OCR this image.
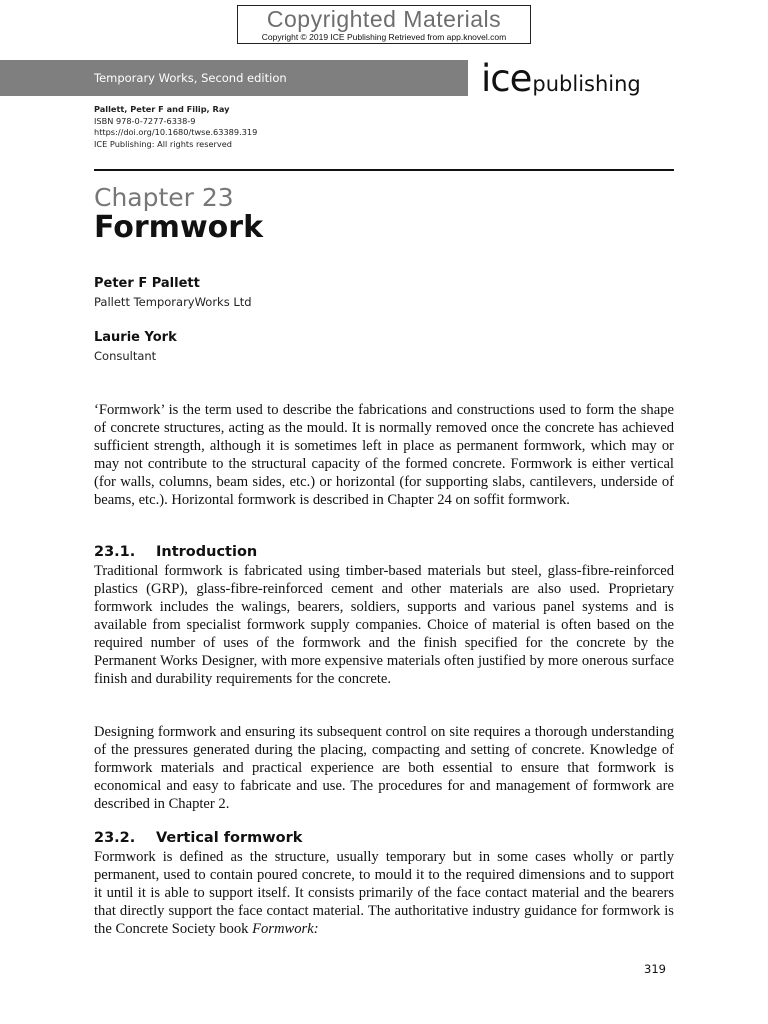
Copyrighted Materials
Copyright © 2019 ICE Publishing Retrieved from app.knovel.com
Temporary Works, Second edition	icepublishing
Pallett, Peter F and Filip, Ray
ISBN 978-0-7277-6338-9
https://doi.org/10.1680/twse.63389.319
ICE Publishing: All rights reserved
Chapter 23
Formwork
Peter F Pallett
Pallett TemporaryWorks Ltd
Laurie York
Consultant
‘Formwork’ is the term used to describe the fabrications and constructions used to form the shape of concrete structures, acting as the mould. It is normally removed once the concrete has achieved sufficient strength, although it is sometimes left in place as permanent formwork, which may or may not contribute to the structural capacity of the formed concrete. Formwork is either vertical (for walls, columns, beam sides, etc.) or horizontal (for supporting slabs, cantilevers, underside of beams, etc.). Horizontal formwork is described in Chapter 24 on soffit formwork.
23.1. Introduction
Traditional formwork is fabricated using timber-based materials but steel, glass-fibre-reinforced plastics (GRP), glass-fibre-reinforced cement and other materials are also used. Proprietary formwork includes the walings, bearers, soldiers, supports and various panel systems and is available from specialist formwork supply companies. Choice of material is often based on the required number of uses of the formwork and the finish specified for the concrete by the Permanent Works Designer, with more expensive materials often justified by more onerous surface finish and durability requirements for the concrete.
Designing formwork and ensuring its subsequent control on site requires a thorough understanding of the pressures generated during the placing, compacting and setting of concrete. Knowledge of formwork materials and practical experience are both essential to ensure that formwork is economical and easy to fabricate and use. The procedures for and management of formwork are described in Chapter 2.
23.2. Vertical formwork
Formwork is defined as the structure, usually temporary but in some cases wholly or partly permanent, used to contain poured concrete, to mould it to the required dimensions and to support it until it is able to support itself. It consists primarily of the face contact material and the bearers that directly support the face contact material. The authoritative industry guidance for formwork is the Concrete Society book Formwork:
319
